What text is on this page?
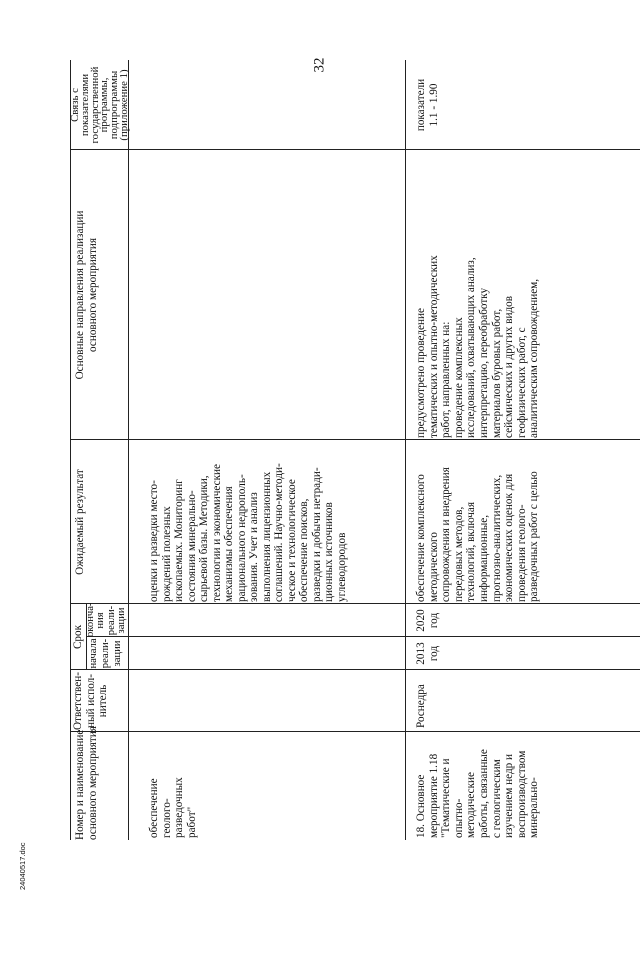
32
Номер и наименование основного мероприятия
Ответствен- ный испол- нитель
Срок
начала реали- зации
оконча- ния реали- зации
Ожидаемый результат
Основные направления реализации основного мероприятия
Связь с
показателями
государственной
программы,
подпрограммы
(приложение 1)
обеспечение геолого- разведочных работ"
оценки и разведки место- рождений полезных ископаемых. Мониторинг состояния минерально- сырьевой базы. Методики, технологии и экономические механизмы обеспечения рационального недрополь- зования. Учет и анализ выполнения лицензионных соглашений. Научно-методи- ческое и технологическое обеспечение поисков, разведки и добычи нетради- ционных источников углеводородов
18. Основное мероприятие 1.18 "Тематические и опытно- методические работы, связанные с геологическим изучением недр и воспроизводством минерально-
Роснедра
2013 год
2020 год
обеспечение комплексного методического сопровождения и внедрения передовых методов, технологий, включая информационные, прогнозно-аналитических, экономических оценок для проведения геолого- разведочных работ с целью
предусмотрено проведение тематических и опытно-методических работ, направленных на: проведение комплексных исследований, охватывающих анализ, интерпретацию, переобработку материалов буровых работ, сейсмических и других видов геофизических работ, с аналитическим сопровождением,
показатели 1.1 - 1.90
24040517.doc
